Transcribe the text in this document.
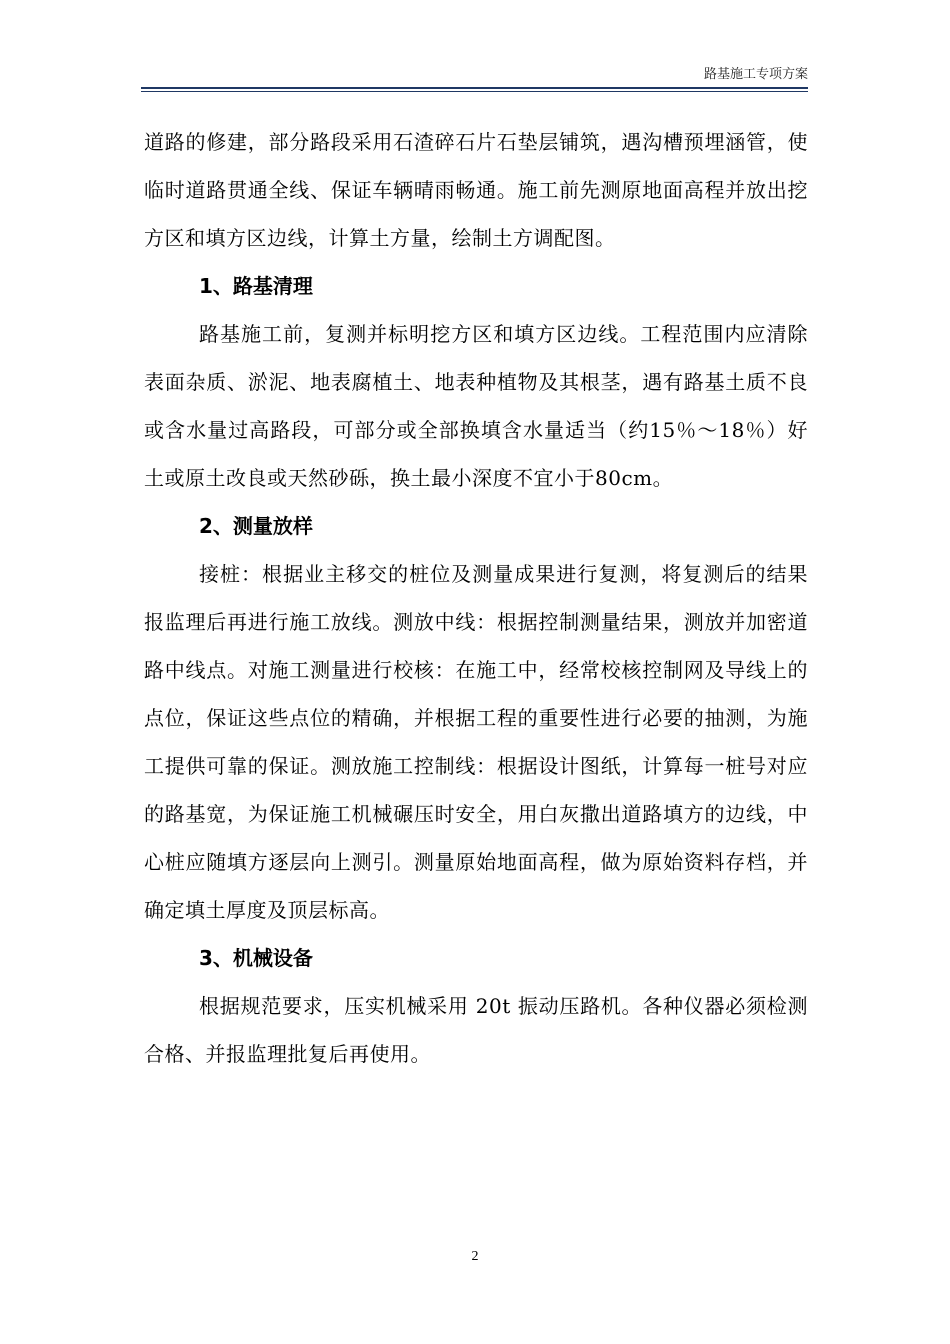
路基施工专项方案

道路的修建，部分路段采用石渣碎石片石垫层铺筑，遇沟槽预埋涵管，使临时道路贯通全线、保证车辆晴雨畅通。施工前先测原地面高程并放出挖方区和填方区边线，计算土方量，绘制土方调配图。

1、路基清理

路基施工前，复测并标明挖方区和填方区边线。工程范围内应清除表面杂质、淤泥、地表腐植土、地表种植物及其根茎，遇有路基土质不良或含水量过高路段，可部分或全部换填含水量适当（约15％～18％）好土或原土改良或天然砂砾，换土最小深度不宜小于80cm。

2、测量放样

接桩：根据业主移交的桩位及测量成果进行复测，将复测后的结果报监理后再进行施工放线。测放中线：根据控制测量结果，测放并加密道路中线点。对施工测量进行校核：在施工中，经常校核控制网及导线上的点位，保证这些点位的精确，并根据工程的重要性进行必要的抽测，为施工提供可靠的保证。测放施工控制线：根据设计图纸，计算每一桩号对应的路基宽，为保证施工机械碾压时安全，用白灰撒出道路填方的边线，中心桩应随填方逐层向上测引。测量原始地面高程，做为原始资料存档，并确定填土厚度及顶层标高。

3、机械设备

根据规范要求，压实机械采用 20t 振动压路机。各种仪器必须检测合格、并报监理批复后再使用。

2
